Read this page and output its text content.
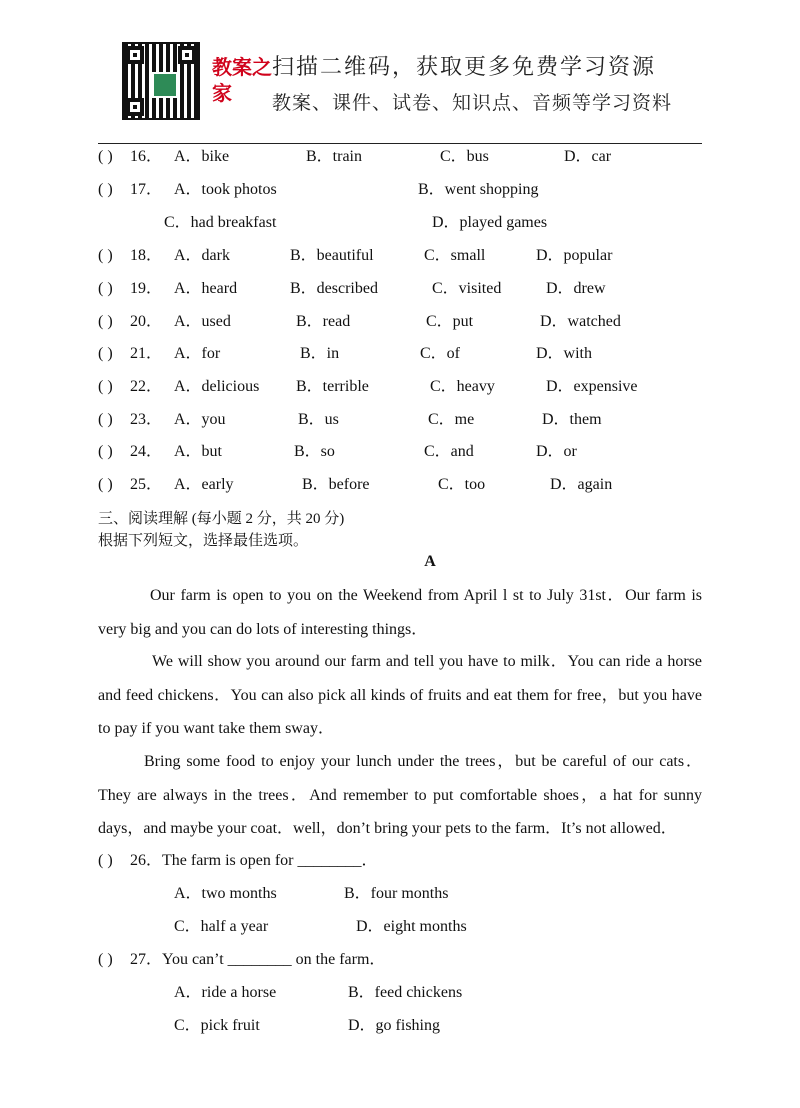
教案之家
扫描二维码，获取更多免费学习资源
教案、课件、试卷、知识点、音频等学习资料
( ) 16． A．bike	B．train	C．bus	D．car
( ) 17． A．took photos	B．went shopping
C．had breakfast	D．played games
( ) 18． A．dark	B．beautiful	C．small	D．popular
( ) 19． A．heard	B．described	C．visited	D．drew
( ) 20． A．used	B．read	C．put	D．watched
( ) 21． A．for	B．in	C．of	D．with
( ) 22． A．delicious B．terrible	C．heavy	D．expensive
( ) 23． A．you	B．us	C．me	D．them
( ) 24． A．but	B．so	C．and	D．or
( ) 25． A．early	B．before	C．too	D．again
三、阅读理解 (每小题 2 分，共 20 分)
根据下列短文，选择最佳选项。
A
Our farm is open to you on the Weekend from April l st to July 31st．Our farm is very big and you can do lots of interesting things．
We will show you around our farm and tell you have to milk．You can ride a horse and feed chickens．You can also pick all kinds of fruits and eat them for free，but you have to pay if you want take them sway．
Bring some food to enjoy your lunch under the trees，but be careful of our cats．They are always in the trees．And remember to put comfortable shoes，a hat for sunny days，and maybe your coat．well，don’t bring your pets to the farm．It’s not allowed．
( ) 26．The farm is open for ________．
A．two months	B．four months
C．half a year	D．eight months
( ) 27．You can’t ________ on the farm．
A．ride a horse	B．feed chickens
C．pick fruit	D．go fishing
